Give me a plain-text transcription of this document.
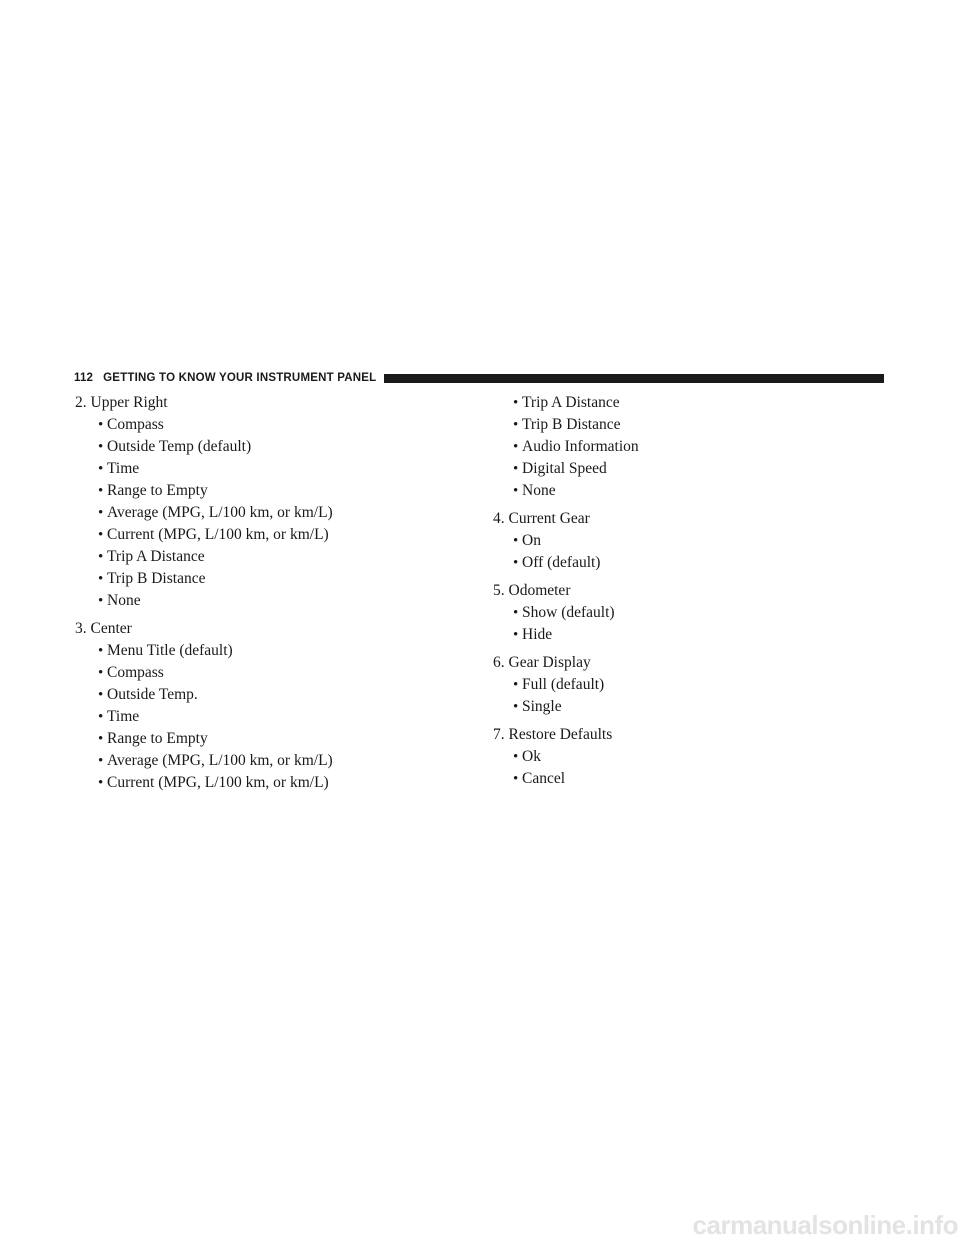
112 GETTING TO KNOW YOUR INSTRUMENT PANEL
2. Upper Right
• Compass
• Outside Temp (default)
• Time
• Range to Empty
• Average (MPG, L/100 km, or km/L)
• Current (MPG, L/100 km, or km/L)
• Trip A Distance
• Trip B Distance
• None
3. Center
• Menu Title (default)
• Compass
• Outside Temp.
• Time
• Range to Empty
• Average (MPG, L/100 km, or km/L)
• Current (MPG, L/100 km, or km/L)
• Trip A Distance
• Trip B Distance
• Audio Information
• Digital Speed
• None
4. Current Gear
• On
• Off (default)
5. Odometer
• Show (default)
• Hide
6. Gear Display
• Full (default)
• Single
7. Restore Defaults
• Ok
• Cancel
carmanualsonline.info
